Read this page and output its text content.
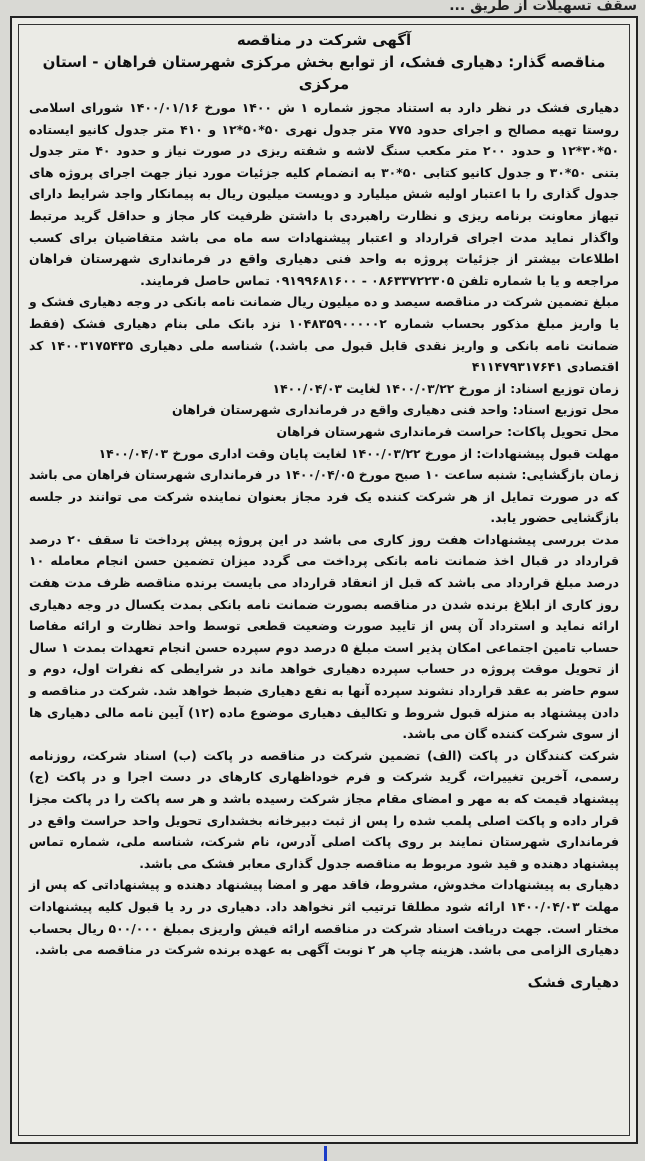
سقف تسهیلات از طریق ...
آگهی شرکت در مناقصه
مناقصه گذار: دهیاری فشک، از توابع بخش مرکزی شهرستان فراهان - استان مرکزی

دهیاری فشک در نظر دارد به استناد مجوز شماره ۱ ش ۱۴۰۰ مورخ ۱۴۰۰/۰۱/۱۶ شورای اسلامی روستا تهیه مصالح و اجرای حدود ۷۷۵ متر جدول نهری ۵۰*۵۰*۱۲ و ۴۱۰ متر جدول کانیو ایستاده ۵۰*۳۰*۱۲ و حدود ۲۰۰ متر مکعب سنگ لاشه و شفته ریزی در صورت نیاز و حدود ۴۰ متر جدول بتنی ۵۰*۳۰ و جدول کانیو کتابی ۵۰*۳۰ به انضمام کلیه جزئیات مورد نیاز جهت اجرای پروژه های جدول گذاری را با اعتبار اولیه شش میلیارد و دویست میلیون ریال به پیمانکار واجد شرایط دارای تیهاز معاونت برنامه ریزی و نظارت راهبردی با داشتن ظرفیت کار مجاز و حداقل گرید مرتبط واگذار نماید مدت اجرای قرارداد و اعتبار پیشنهادات سه ماه می باشد متقاضیان برای کسب اطلاعات بیشتر از جزئیات پروژه به واحد فنی دهیاری واقع در فرمانداری شهرستان فراهان مراجعه و یا با شماره تلفن ۰۸۶۳۳۷۲۲۳۰۵ - ۰۹۱۹۹۶۸۱۶۰۰ تماس حاصل فرمایند.

مبلغ تضمین شرکت در مناقصه سیصد و ده میلیون ریال ضمانت نامه بانکی در وجه دهیاری فشک و یا واریز مبلغ مذکور بحساب شماره ۱۰۴۸۳۵۹۰۰۰۰۰۲ نزد بانک ملی بنام دهیاری فشک (فقط ضمانت نامه بانکی و واریز نقدی قابل قبول می باشد.) شناسه ملی دهیاری ۱۴۰۰۳۱۷۵۴۳۵ کد اقتصادی ۴۱۱۴۷۹۳۱۷۶۴۱

زمان توزیع اسناد: از مورخ ۱۴۰۰/۰۳/۲۲ لغایت ۱۴۰۰/۰۴/۰۳

محل توزیع اسناد: واحد فنی دهیاری واقع در فرمانداری شهرستان فراهان

محل تحویل پاکات: حراست فرمانداری شهرستان فراهان

مهلت قبول پیشنهادات: از مورخ ۱۴۰۰/۰۳/۲۲ لغایت پایان وقت اداری مورخ ۱۴۰۰/۰۴/۰۳

زمان بازگشایی: شنبه ساعت ۱۰ صبح مورخ ۱۴۰۰/۰۴/۰۵ در فرمانداری شهرستان فراهان می باشد که در صورت تمایل از هر شرکت کننده یک فرد مجاز بعنوان نماینده شرکت می توانند در جلسه بازگشایی حضور یابد.

مدت بررسی پیشنهادات هفت روز کاری می باشد در این پروژه پیش پرداخت تا سقف ۲۰ درصد قرارداد در قبال اخذ ضمانت نامه بانکی پرداخت می گردد میزان تضمین حسن انجام معامله ۱۰ درصد مبلغ قرارداد می باشد که قبل از انعقاد قرارداد می بایست برنده مناقصه ظرف مدت هفت روز کاری از ابلاغ برنده شدن در مناقصه بصورت ضمانت نامه بانکی بمدت یکسال در وجه دهیاری ارائه نماید و استرداد آن پس از تایید صورت وضعیت قطعی توسط واحد نظارت و ارائه مفاصا حساب تامین اجتماعی امکان پذیر است مبلغ ۵ درصد دوم سپرده حسن انجام تعهدات بمدت ۱ سال از تحویل موقت پروژه در حساب سپرده دهیاری خواهد ماند در شرایطی که نفرات اول، دوم و سوم حاضر به عقد قرارداد نشوند سپرده آنها به نفع دهیاری ضبط خواهد شد. شرکت در مناقصه و دادن پیشنهاد به منزله قبول شروط و تکالیف دهیاری موضوع ماده (۱۲) آیین نامه مالی دهیاری ها از سوی شرکت کننده گان می باشد.

شرکت کنندگان در پاکت (الف) تضمین شرکت در مناقصه در پاکت (ب) اسناد شرکت، روزنامه رسمی، آخرین تغییرات، گرید شرکت و فرم خوداظهاری کارهای در دست اجرا و در پاکت (ج) پیشنهاد قیمت که به مهر و امضای مقام مجاز شرکت رسیده باشد و هر سه پاکت را در پاکت مجزا قرار داده و پاکت اصلی پلمب شده را پس از ثبت دبیرخانه بخشداری تحویل واحد حراست واقع در فرمانداری شهرستان نمایند بر روی پاکت اصلی آدرس، نام شرکت، شناسه ملی، شماره تماس پیشنهاد دهنده و قید شود مربوط به مناقصه جدول گذاری معابر فشک می باشد.

دهیاری به پیشنهادات مخدوش، مشروط، فاقد مهر و امضا پیشنهاد دهنده و پیشنهاداتی که پس از مهلت ۱۴۰۰/۰۴/۰۳ ارائه شود مطلقا ترتیب اثر نخواهد داد. دهیاری در رد یا قبول کلیه پیشنهادات مختار است. جهت دریافت اسناد شرکت در مناقصه ارائه فیش واریزی بمبلغ ۵۰۰/۰۰۰ ریال بحساب دهیاری الزامی می باشد. هزینه چاپ هر ۲ نوبت آگهی به عهده برنده شرکت در مناقصه می باشد.

دهیاری فشک
